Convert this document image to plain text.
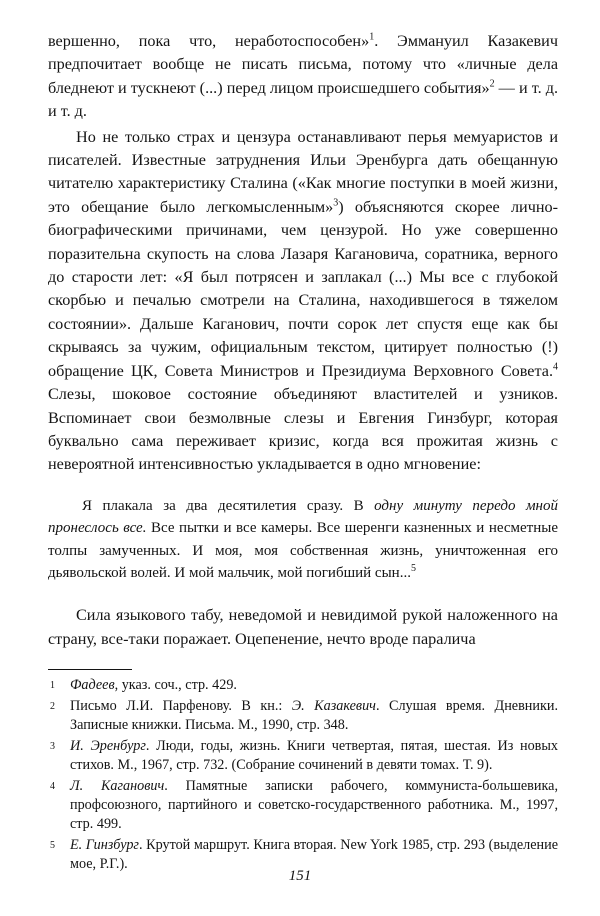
вершенно, пока что, неработоспособен»$^1$. Эммануил Казакевич предпочитает вообще не писать письма, потому что «личные дела бледнеют и тускнеют (...) перед лицом происшедшего события»$^2$ — и т. д. и т. д.

Но не только страх и цензура останавливают перья мемуаристов и писателей. Известные затруднения Ильи Эренбурга дать обещанную читателю характеристику Сталина («Как многие поступки в моей жизни, это обещание было легкомысленным»$^3$) объясняются скорее лично-биографическими причинами, чем цензурой. Но уже совершенно поразительна скупость на слова Лазаря Кагановича, соратника, верного до старости лет: «Я был потрясен и заплакал (...) Мы все с глубокой скорбью и печалью смотрели на Сталина, находившегося в тяжелом состоянии». Дальше Каганович, почти сорок лет спустя еще как бы скрываясь за чужим, официальным текстом, цитирует полностью (!) обращение ЦК, Совета Министров и Президиума Верховного Совета.$^4$ Слезы, шоковое состояние объединяют властителей и узников. Вспоминает свои безмолвные слезы и Евгения Гинзбург, которая буквально сама переживает кризис, когда вся прожитая жизнь с невероятной интенсивностью укладывается в одно мгновение:

Я плакала за два десятилетия сразу. В одну минуту передо мной пронеслось все. Все пытки и все камеры. Все шеренги казненных и несметные толпы замученных. И моя, моя собственная жизнь, уничтоженная его дьявольской волей. И мой мальчик, мой погибший сын...$^5$

Сила языкового табу, неведомой и невидимой рукой наложенного на страну, все-таки поражает. Оцепенение, нечто вроде паралича

1 Фадеев, указ. соч., стр. 429.

2 Письмо Л.И. Парфенову. В кн.: Э. Казакевич. Слушая время. Дневники. Записные книжки. Письма. М., 1990, стр. 348.

3 И. Эренбург. Люди, годы, жизнь. Книги четвертая, пятая, шестая. Из новых стихов. М., 1967, стр. 732. (Собрание сочинений в девяти томах. Т. 9).

4 Л. Каганович. Памятные записки рабочего, коммуниста-большевика, профсоюзного, партийного и советско-государственного работника. М., 1997, стр. 499.

5 Е. Гинзбург. Крутой маршрут. Книга вторая. New York 1985, стр. 293 (выделение мое, Р.Г.).

151
